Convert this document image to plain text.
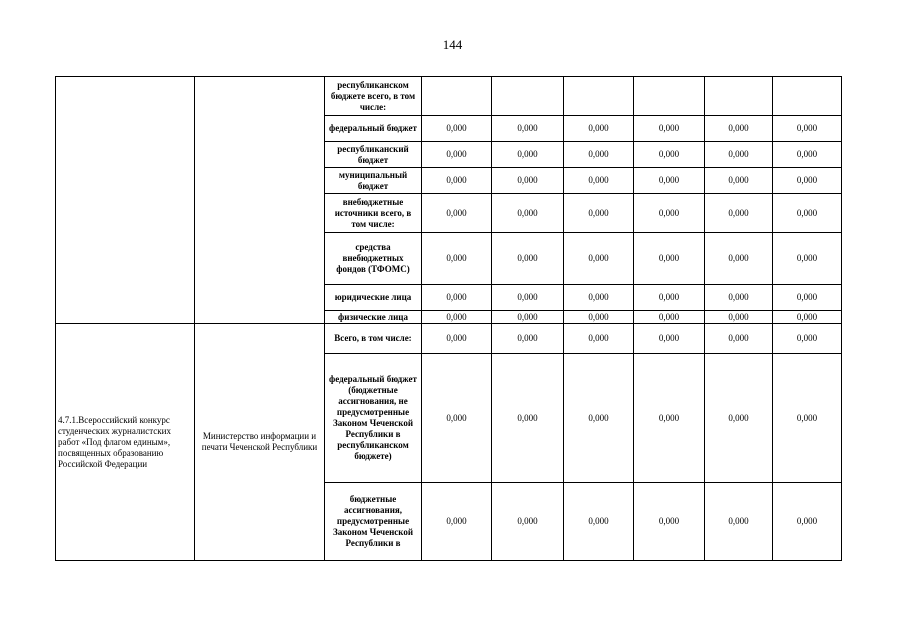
144
		республиканском бюджете всего, в том числе:						
		федеральный бюджет	0,000	0,000	0,000	0,000	0,000	0,000
		республиканский бюджет	0,000	0,000	0,000	0,000	0,000	0,000
		муниципальный бюджет	0,000	0,000	0,000	0,000	0,000	0,000
		внебюджетные источники всего, в том числе:	0,000	0,000	0,000	0,000	0,000	0,000
		средства внебюджетных фондов (ТФОМС)	0,000	0,000	0,000	0,000	0,000	0,000
		юридические лица	0,000	0,000	0,000	0,000	0,000	0,000
		физические лица	0,000	0,000	0,000	0,000	0,000	0,000
4.7.1.Всероссийский конкурс студенческих журналистских работ «Под флагом единым», посвященных образованию Российской Федерации	Министерство информации и печати Чеченской Республики	Всего, в том числе:	0,000	0,000	0,000	0,000	0,000	0,000
		федеральный бюджет (бюджетные ассигнования, не предусмотренные Законом Чеченской Республики в республиканском бюджете)	0,000	0,000	0,000	0,000	0,000	0,000
		бюджетные ассигнования, предусмотренные Законом Чеченской Республики в	0,000	0,000	0,000	0,000	0,000	0,000
